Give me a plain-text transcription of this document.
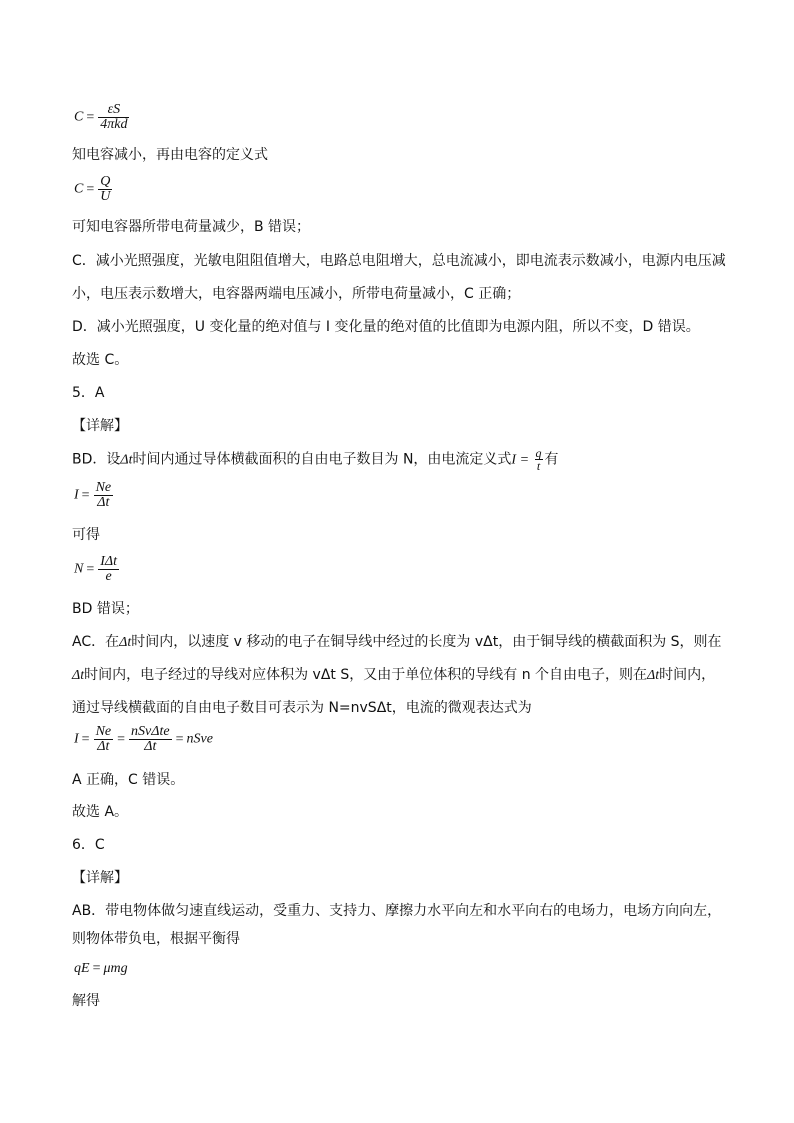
$C = \frac{\varepsilon S}{\text{4πkd}}$
知电容减小，再由电容的定义式
$C = \frac{Q}{U}$
可知电容器所带电荷量减少，B 错误；
C．减小光照强度，光敏电阻阻值增大，电路总电阻增大，总电流减小，即电流表示数减小，电源内电压减
小，电压表示数增大，电容器两端电压减小，所带电荷量减小，C 正确；
D．减小光照强度，U 变化量的绝对值与 I 变化量的绝对值的比值即为电源内阻，所以不变，D 错误。
故选 C。
5．A
【详解】
BD．设Δt时间内通过导体横截面积的自由电子数目为 N，由电流定义式$I = \frac{q}{t}$ 有
$I = \frac{Ne}{\Delta t}$
可得
$N = \frac{\text{IΔt}}{e}$
BD 错误；
AC．在Δt时间内，以速度 v 移动的电子在铜导线中经过的长度为 vΔt，由于铜导线的横截面积为 S，则在
Δt时间内，电子经过的导线对应体积为 vΔt S，又由于单位体积的导线有 n 个自由电子，则在Δt时间内，
通过导线横截面的自由电子数目可表示为 N=nvSΔt，电流的微观表达式为
$I = \frac{Ne}{\Delta t} = \frac{\text{nSvΔte}}{\Delta t}$ = nSve
A 正确，C 错误。
故选 A。
6．C
【详解】
AB．带电物体做匀速直线运动，受重力、支持力、摩擦力水平向左和水平向右的电场力，电场方向向左，
则物体带负电，根据平衡得
qE = μmg
解得
